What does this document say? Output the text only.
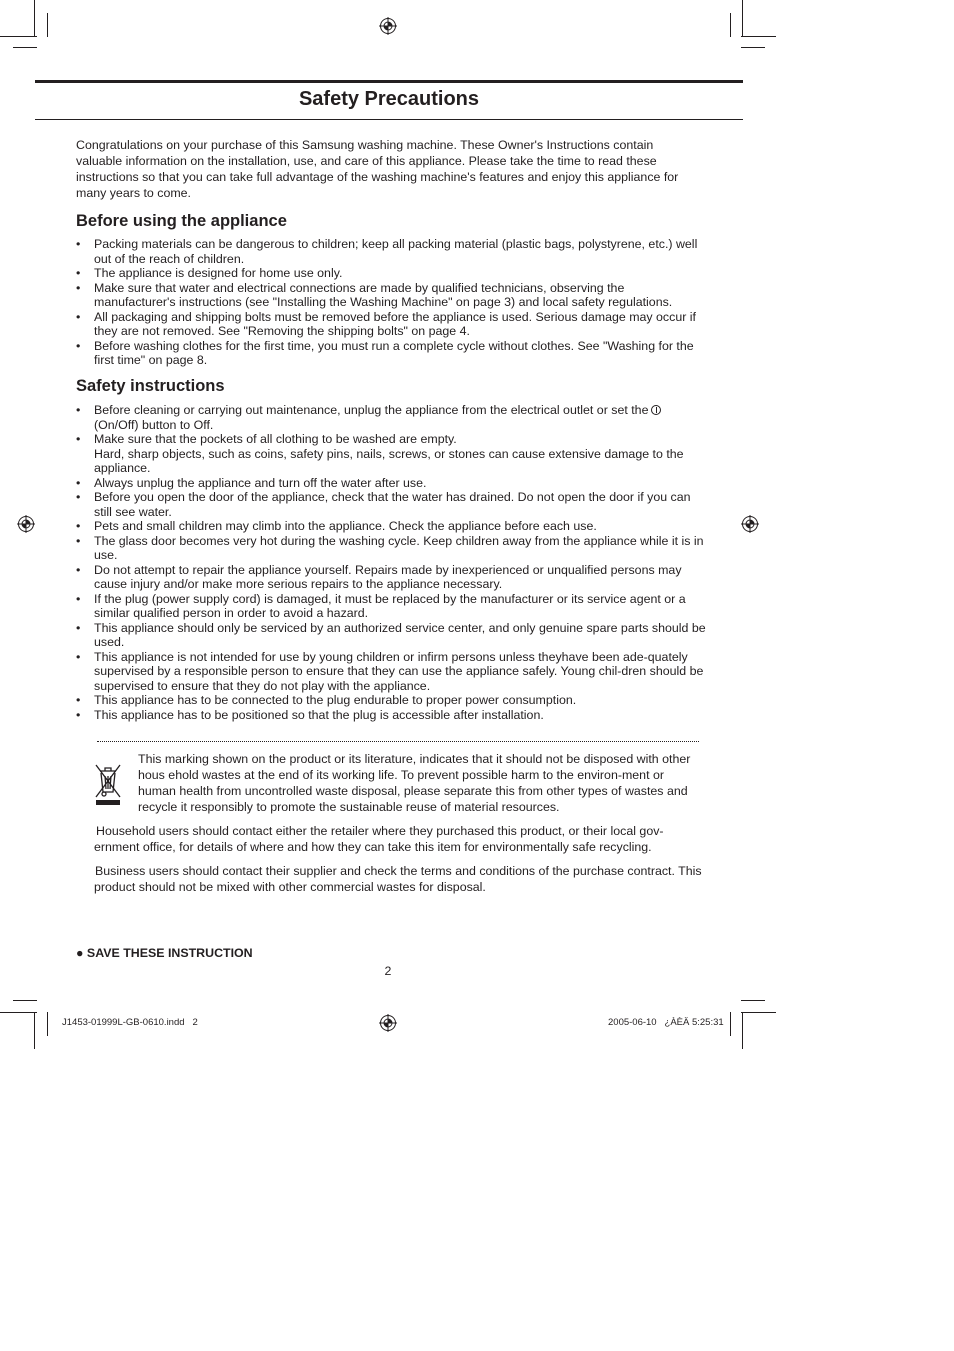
Safety Precautions

Congratulations on your purchase of this Samsung washing machine. These Owner's Instructions contain valuable information on the installation, use, and care of this appliance. Please take the time to read these instructions so that you can take full advantage of the washing machine's features and enjoy this appliance for many years to come.

Before using the appliance
• Packing materials can be dangerous to children; keep all packing material (plastic bags, polystyrene, etc.) well out of the reach of children.
• The appliance is designed for home use only.
• Make sure that water and electrical connections are made by qualified technicians, observing the manufacturer's instructions (see "Installing the Washing Machine" on page 3) and local safety regulations.
• All packaging and shipping bolts must be removed before the appliance is used. Serious damage may occur if they are not removed. See "Removing the shipping bolts" on page 4.
• Before washing clothes for the first time, you must run a complete cycle without clothes. See "Washing for the first time" on page 8.
Safety instructions
• Before cleaning or carrying out maintenance, unplug the appliance from the electrical outlet or set the
(On/Off) button to Off.
• Make sure that the pockets of all clothing to be washed are empty.
Hard, sharp objects, such as coins, safety pins, nails, screws, or stones can cause extensive damage to the appliance.
• Always unplug the appliance and turn off the water after use.
• Before you open the door of the appliance, check that the water has drained. Do not open the door if you can still see water.
• Pets and small children may climb into the appliance. Check the appliance before each use.
• The glass door becomes very hot during the washing cycle. Keep children away from the appliance while it is in use.
• Do not attempt to repair the appliance yourself. Repairs made by inexperienced or unqualified persons may cause injury and/or make more serious repairs to the appliance necessary.
• If the plug (power supply cord) is damaged, it must be replaced by the manufacturer or its service agent or a similar qualified person in order to avoid a hazard.
• This appliance should only be serviced by an authorized service center, and only genuine spare parts should be used.
• This appliance is not intended for use by young children or infirm persons unless theyhave been ade-quately supervised by a responsible person to ensure that they can use the appliance safely. Young chil-dren should be supervised to ensure that they do not play with the appliance.
• This appliance has to be connected to the plug endurable to proper power consumption.
• This appliance has to be positioned so that the plug is accessible after installation.

This marking shown on the product or its literature, indicates that it should not be disposed with other hous ehold wastes at the end of its working life. To prevent possible harm to the environ-ment or human health from uncontrolled waste disposal, please separate this from other types of wastes and recycle it responsibly to promote the sustainable reuse of material resources.

Household users should contact either the retailer where they purchased this product, or their local gov-ernment office, for details of where and how they can take this item for environmentally safe recycling.

Business users should contact their supplier and check the terms and conditions of the purchase contract. This product should not be mixed with other commercial wastes for disposal.

● SAVE THESE INSTRUCTION
2
J1453-01999L-GB-0610.indd   2	2005-06-10   ¿ÀÈÄ 5:25:31
